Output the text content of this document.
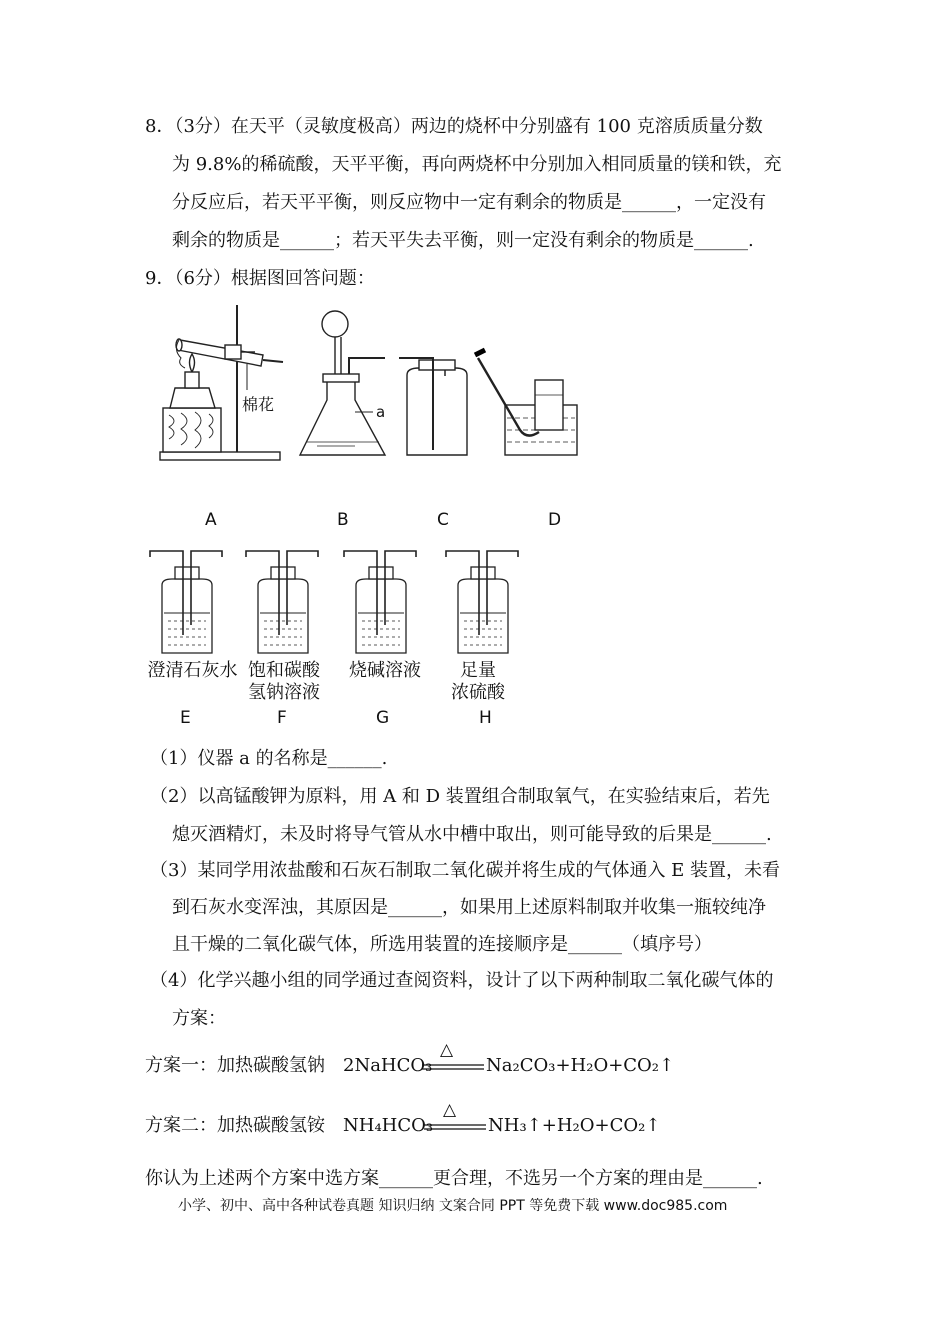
8．（3分）在天平（灵敏度极高）两边的烧杯中分别盛有 100 克溶质质量分数
为 9.8%的稀硫酸，天平平衡，再向两烧杯中分别加入相同质量的镁和铁，充
分反应后，若天平平衡，则反应物中一定有剩余的物质是______，一定没有
剩余的物质是______；若天平失去平衡，则一定没有剩余的物质是______.
9．（6分）根据图回答问题：
棉花	a
A	B	C	D
澄清石灰水 饱和碳酸
氢钠溶液
烧碱溶液	足量
浓硫酸
E	F	G	H
（1）仪器 a 的名称是______.
（2）以高锰酸钾为原料，用 A 和 D 装置组合制取氧气，在实验结束后，若先
熄灭酒精灯，未及时将导气管从水中槽中取出，则可能导致的后果是______.
（3）某同学用浓盐酸和石灰石制取二氧化碳并将生成的气体通入 E 装置，未看
到石灰水变浑浊，其原因是______，如果用上述原料制取并收集一瓶较纯净
且干燥的二氧化碳气体，所选用装置的连接顺序是______（填序号）
（4）化学兴趣小组的同学通过查阅资料，设计了以下两种制取二氧化碳气体的
方案：
方案一：加热碳酸氢钠 2NaHCO₃
△
Na₂CO₃+H₂O+CO₂↑
方案二：加热碳酸氢铵 NH₄HCO₃
△
NH₃↑+H₂O+CO₂↑
你认为上述两个方案中选方案______更合理，不选另一个方案的理由是______.
小学、初中、高中各种试卷真题 知识归纳 文案合同 PPT 等免费下载 www.doc985.com
